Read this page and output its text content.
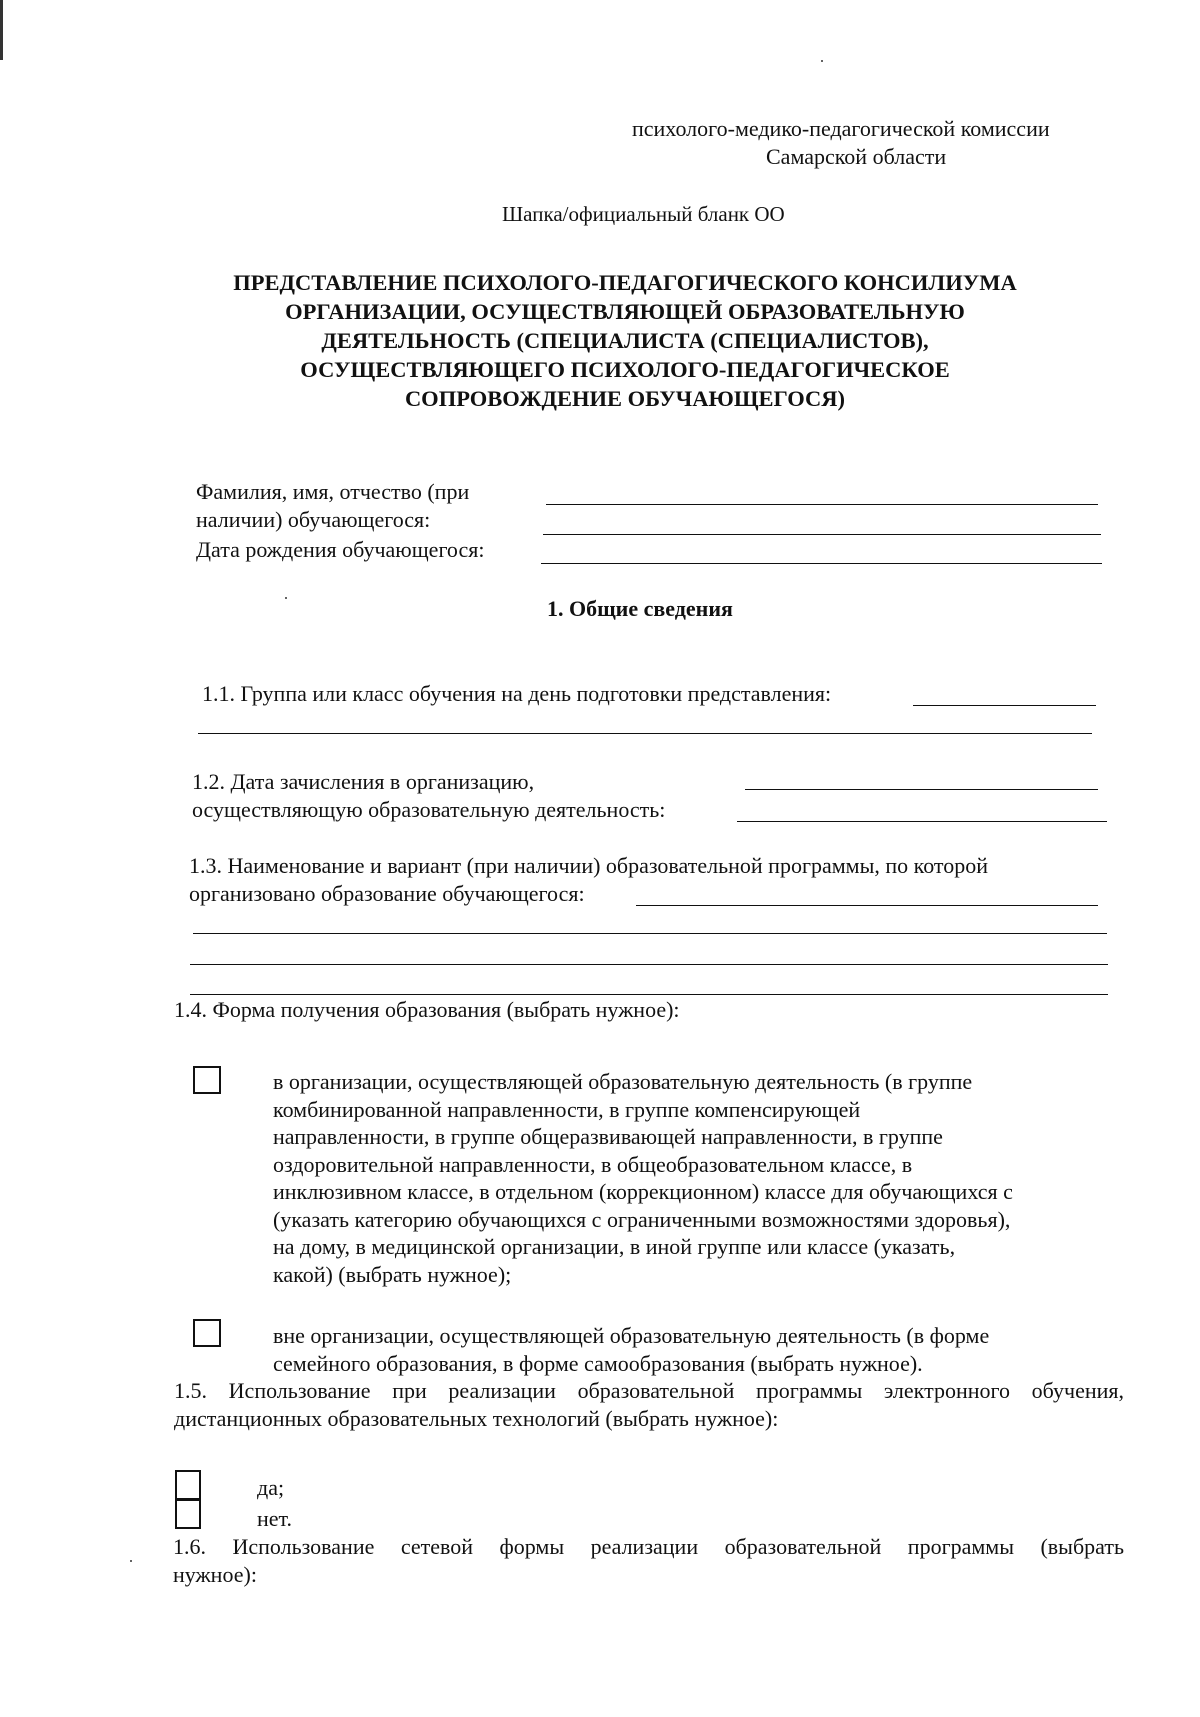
психолого-медико-педагогической комиссии
Самарской области
Шапка/официальный бланк ОО
ПРЕДСТАВЛЕНИЕ ПСИХОЛОГО-ПЕДАГОГИЧЕСКОГО КОНСИЛИУМА
ОРГАНИЗАЦИИ, ОСУЩЕСТВЛЯЮЩЕЙ ОБРАЗОВАТЕЛЬНУЮ
ДЕЯТЕЛЬНОСТЬ (СПЕЦИАЛИСТА (СПЕЦИАЛИСТОВ),
ОСУЩЕСТВЛЯЮЩЕГО ПСИХОЛОГО-ПЕДАГОГИЧЕСКОЕ
СОПРОВОЖДЕНИЕ ОБУЧАЮЩЕГОСЯ)
Фамилия, имя, отчество (при
наличии) обучающегося:
Дата рождения обучающегося:
1. Общие сведения
1.1. Группа или класс обучения на день подготовки представления:
1.2. Дата зачисления в организацию,
осуществляющую образовательную деятельность:
1.3. Наименование и вариант (при наличии) образовательной программы, по которой
организовано образование обучающегося:
1.4. Форма получения образования (выбрать нужное):
в организации, осуществляющей образовательную деятельность (в группе
комбинированной направленности, в группе компенсирующей
направленности, в группе общеразвивающей направленности, в группе
оздоровительной направленности, в общеобразовательном классе, в
инклюзивном классе, в отдельном (коррекционном) классе для обучающихся с
(указать категорию обучающихся с ограниченными возможностями здоровья),
на дому, в медицинской организации, в иной группе или классе (указать,
какой) (выбрать нужное);
вне организации, осуществляющей образовательную деятельность (в форме
семейного образования, в форме самообразования (выбрать нужное).
1.5. Использование при реализации образовательной программы электронного обучения,
дистанционных образовательных технологий (выбрать нужное):
да;
нет.
1.6. Использование сетевой формы реализации образовательной программы (выбрать
нужное):
